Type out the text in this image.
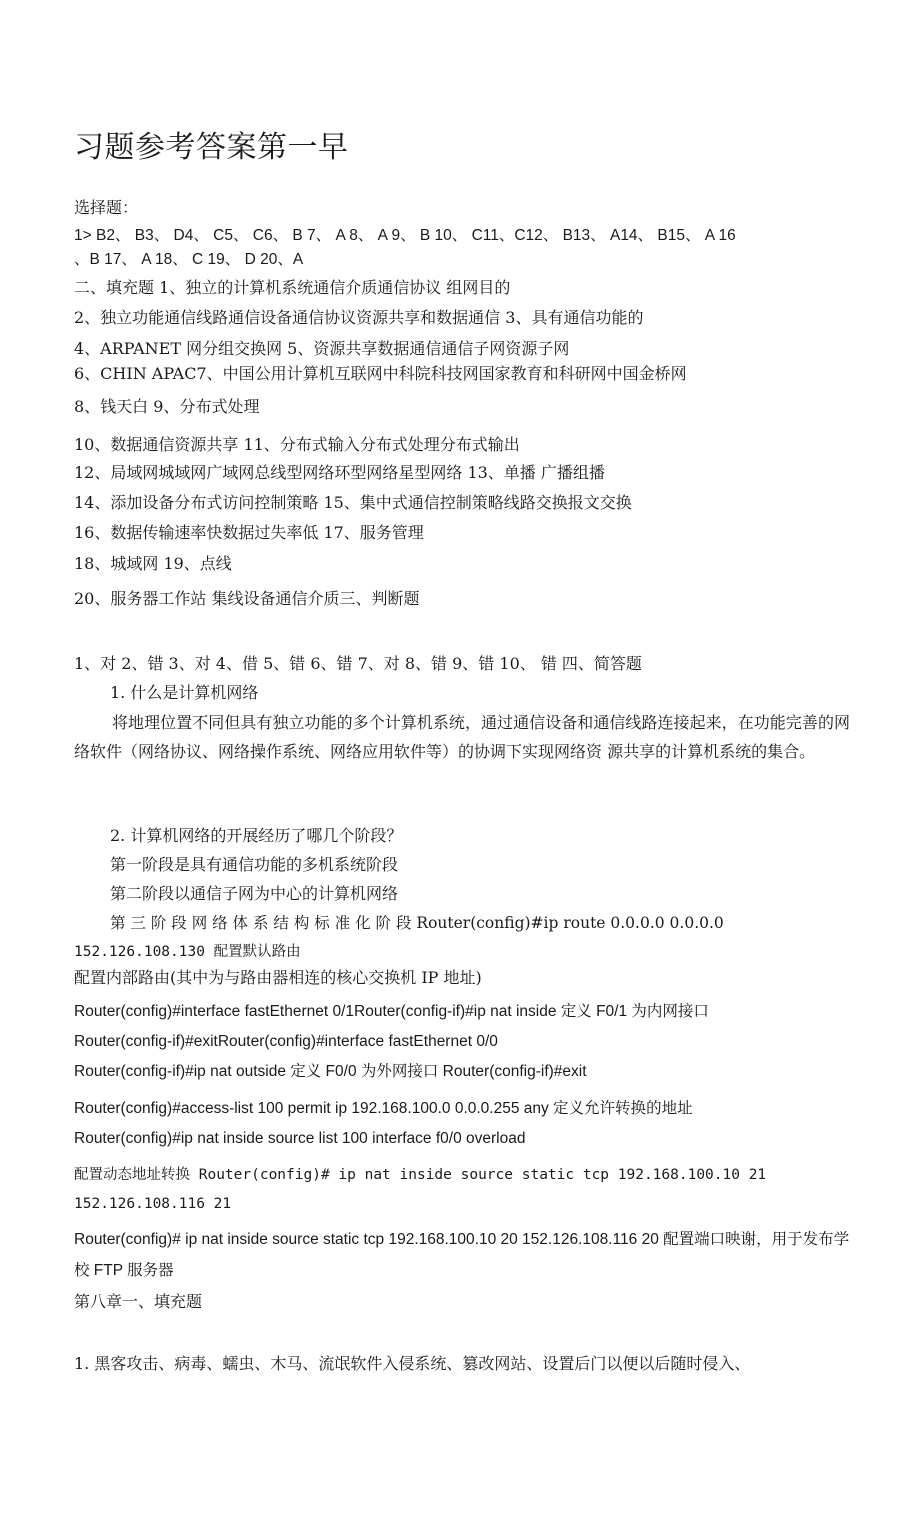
习题参考答案第一早
选择题：
1> B2、 B3、 D4、 C5、 C6、 B 7、 A 8、 A 9、 B 10、 C11、C12、 B13、 A14、 B15、 A 16
、B 17、 A 18、 C 19、 D 20、A
二、填充题 1、独立的计算机系统通信介质通信协议 组网目的
2、独立功能通信线路通信设备通信协议资源共享和数据通信 3、具有通信功能的
4、ARPANET 网分组交换网 5、资源共享数据通信通信子网资源子网
6、CHIN APAC7、中国公用计算机互联网中科院科技网国家教育和科研网中国金桥网
8、钱天白 9、分布式处理
10、数据通信资源共享 11、分布式输入分布式处理分布式输出
12、局域网城域网广域网总线型网络环型网络星型网络 13、单播 广播组播
14、添加设备分布式访问控制策略 15、集中式通信控制策略线路交换报文交换
16、数据传输速率快数据过失率低 17、服务管理
18、城域网 19、点线
20、服务器工作站 集线设备通信介质三、判断题
1、对 2、错 3、对 4、借 5、错 6、错 7、对 8、错 9、错 10、 错 四、简答题
1. 什么是计算机网络
将地理位置不同但具有独立功能的多个计算机系统，通过通信设备和通信线路连接起来，在功能完善的网络软件（网络协议、网络操作系统、网络应用软件等）的协调下实现网络资 源共享的计算机系统的集合。
2. 计算机网络的开展经历了哪几个阶段？
第一阶段是具有通信功能的多机系统阶段
第二阶段以通信子网为中心的计算机网络
第 三 阶 段 网 络 体 系 结 构 标 准 化 阶 段 Router(config)#ip route 0.0.0.0 0.0.0.0
152.126.108.130 配置默认路由
配置内部路由(其中为与路由器相连的核心交换机 IP 地址)
Router(config)#interface fastEthernet 0/1Router(config-if)#ip nat inside 定义 F0/1 为内网接口
Router(config-if)#exitRouter(config)#interface fastEthernet 0/0
Router(config-if)#ip nat outside 定义 F0/0 为外网接口 Router(config-if)#exit
Router(config)#access-list 100 permit ip 192.168.100.0 0.0.0.255 any 定义允许转换的地址
Router(config)#ip nat inside source list 100 interface f0/0 overload
配置动态地址转换 Router(config)# ip nat inside source static tcp 192.168.100.10 21
152.126.108.116 21
Router(config)# ip nat inside source static tcp 192.168.100.10 20 152.126.108.116 20 配置端口映谢，用于发布学校 FTP 服务器
第八章一、填充题
1. 黑客攻击、病毒、蠕虫、木马、流氓软件入侵系统、篡改网站、设置后门以便以后随时侵入、
